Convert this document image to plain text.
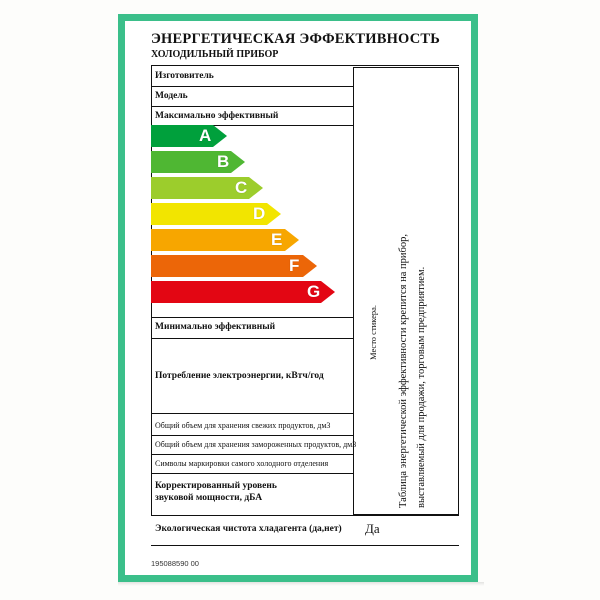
ЭНЕРГЕТИЧЕСКАЯ ЭФФЕКТИВНОСТЬ
ХОЛОДИЛЬНЫЙ ПРИБОР
Изготовитель
Модель
Максимально эффективный
A
B
C
D
E
F
G
Минимально эффективный
Потребление электроэнергии, кВтч/год
Общий объем для хранения свежих продуктов, дм3
Общий объем для хранения замороженных продуктов, дм3
Символы маркировки самого холодного отделения
Корректированный уровень
звуковой мощности, дБА
Экологическая чистота хладагента (да,нет) Да
Место стикера. Таблица энергетической эффективности крепится на прибор, выставляемый для продажи, торговым предприятием.
195088590 00
